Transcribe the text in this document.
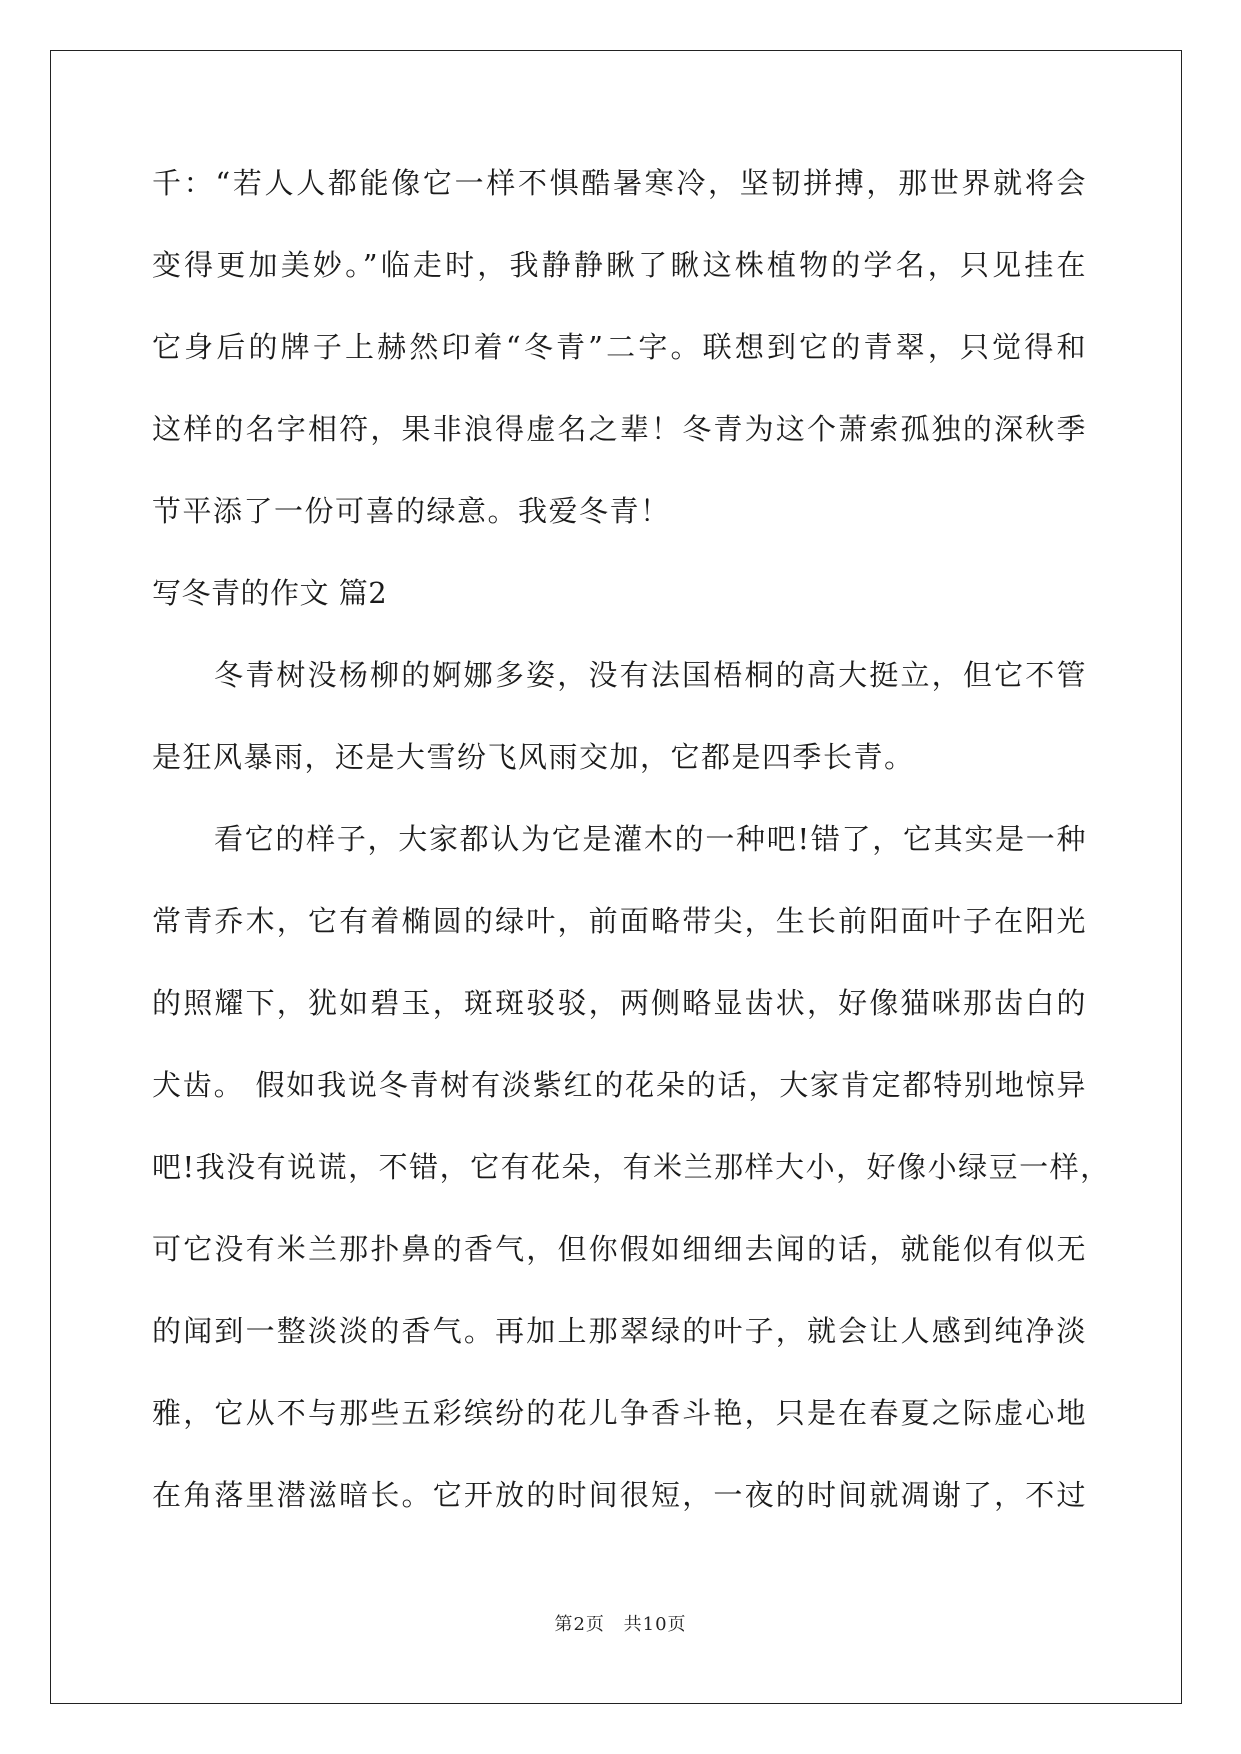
千：“若人人都能像它一样不惧酷暑寒冷，坚韧拼搏，那世界就将会
变得更加美妙。”临走时，我静静瞅了瞅这株植物的学名，只见挂在
它身后的牌子上赫然印着“冬青”二字。联想到它的青翠，只觉得和
这样的名字相符，果非浪得虚名之辈！冬青为这个萧索孤独的深秋季
节平添了一份可喜的绿意。我爱冬青！
写冬青的作文 篇2
冬青树没杨柳的婀娜多姿，没有法国梧桐的高大挺立，但它不管
是狂风暴雨，还是大雪纷飞风雨交加，它都是四季长青。
看它的样子，大家都认为它是灌木的一种吧!错了，它其实是一种
常青乔木，它有着椭圆的绿叶，前面略带尖，生长前阳面叶子在阳光
的照耀下，犹如碧玉，斑斑驳驳，两侧略显齿状，好像猫咪那齿白的
犬齿。 假如我说冬青树有淡紫红的花朵的话，大家肯定都特别地惊异
吧!我没有说谎，不错，它有花朵，有米兰那样大小，好像小绿豆一样，
可它没有米兰那扑鼻的香气，但你假如细细去闻的话，就能似有似无
的闻到一整淡淡的香气。再加上那翠绿的叶子，就会让人感到纯净淡
雅，它从不与那些五彩缤纷的花儿争香斗艳，只是在春夏之际虚心地
在角落里潜滋暗长。它开放的时间很短，一夜的时间就凋谢了，不过
第2页 共10页
